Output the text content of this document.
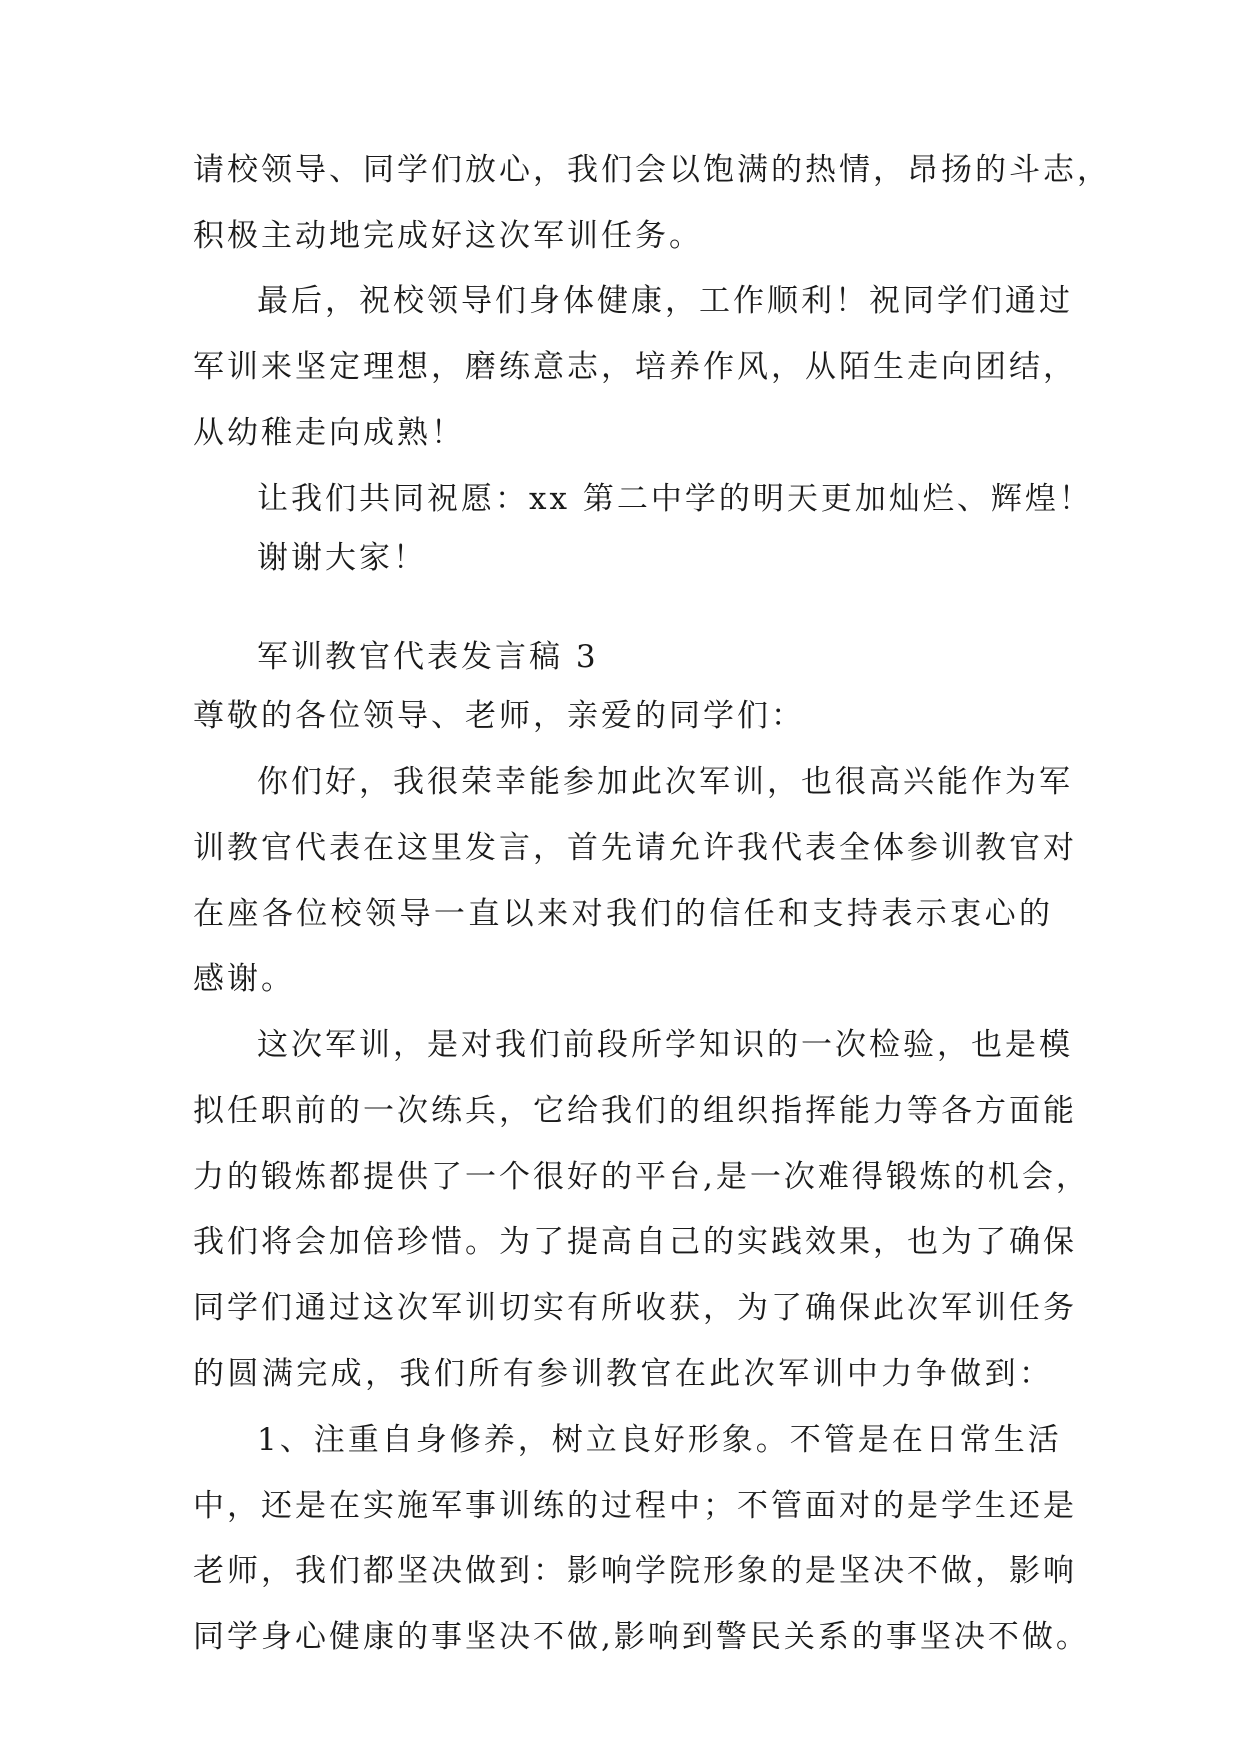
请校领导、同学们放心，我们会以饱满的热情，昂扬的斗志，
积极主动地完成好这次军训任务。
最后，祝校领导们身体健康，工作顺利！祝同学们通过
军训来坚定理想，磨练意志，培养作风，从陌生走向团结，
从幼稚走向成熟！
让我们共同祝愿：xx 第二中学的明天更加灿烂、辉煌！
谢谢大家！
军训教官代表发言稿 3
尊敬的各位领导、老师，亲爱的同学们：
你们好，我很荣幸能参加此次军训，也很高兴能作为军
训教官代表在这里发言，首先请允许我代表全体参训教官对
在座各位校领导一直以来对我们的信任和支持表示衷心的
感谢。
这次军训，是对我们前段所学知识的一次检验，也是模
拟任职前的一次练兵，它给我们的组织指挥能力等各方面能
力的锻炼都提供了一个很好的平台,是一次难得锻炼的机会，
我们将会加倍珍惜。为了提高自己的实践效果，也为了确保
同学们通过这次军训切实有所收获，为了确保此次军训任务
的圆满完成，我们所有参训教官在此次军训中力争做到：
1、注重自身修养，树立良好形象。不管是在日常生活
中，还是在实施军事训练的过程中；不管面对的是学生还是
老师，我们都坚决做到：影响学院形象的是坚决不做，影响
同学身心健康的事坚决不做,影响到警民关系的事坚决不做。
